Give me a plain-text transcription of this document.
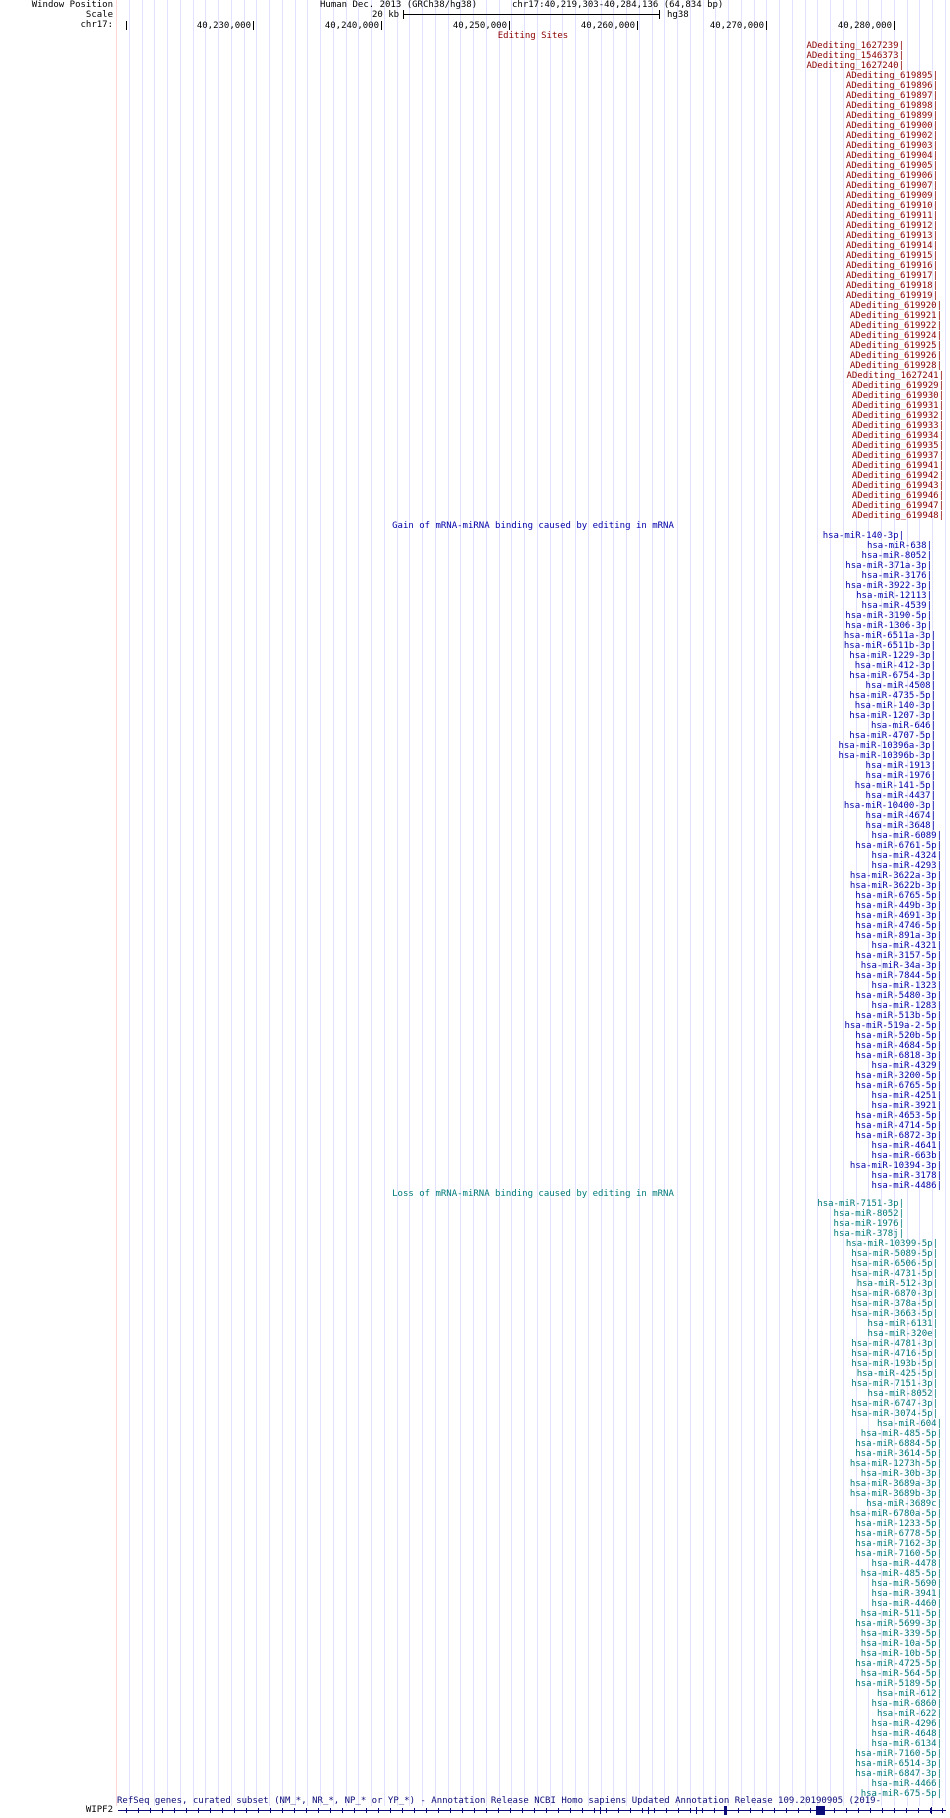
Window Position
Scale
chr17:
WIPF2
Human Dec. 2013 (GRCh38/hg38)	chr17:40,219,303-40,284,136 (64,834 bp)
20 kb	hg38
40,230,000	40,240,000	40,250,000	40,260,000	40,270,000	40,280,000
Editing Sites
ADediting_1627239|
ADediting_1546373|
ADediting_1627240|
ADediting_619895|
ADediting_619896|
ADediting_619897|
ADediting_619898|
ADediting_619899|
ADediting_619900|
ADediting_619902|
ADediting_619903|
ADediting_619904|
ADediting_619905|
ADediting_619906|
ADediting_619907|
ADediting_619909|
ADediting_619910|
ADediting_619911|
ADediting_619912|
ADediting_619913|
ADediting_619914|
ADediting_619915|
ADediting_619916|
ADediting_619917|
ADediting_619918|
ADediting_619919|
ADediting_619920|
ADediting_619921|
ADediting_619922|
ADediting_619924|
ADediting_619925|
ADediting_619926|
ADediting_619928|
ADediting_1627241|
ADediting_619929|
ADediting_619930|
ADediting_619931|
ADediting_619932|
ADediting_619933|
ADediting_619934|
ADediting_619935|
ADediting_619937|
ADediting_619941|
ADediting_619942|
ADediting_619943|
ADediting_619946|
ADediting_619947|
ADediting_619948|
Gain of mRNA-miRNA binding caused by editing in mRNA
hsa-miR-140-3p|
hsa-miR-638|
hsa-miR-8052|
hsa-miR-371a-3p|
hsa-miR-3176|
hsa-miR-3922-3p|
hsa-miR-12113|
hsa-miR-4539|
hsa-miR-3190-5p|
hsa-miR-1306-3p|
hsa-miR-6511a-3p|
hsa-miR-6511b-3p|
hsa-miR-1229-3p|
hsa-miR-412-3p|
hsa-miR-6754-3p|
hsa-miR-4508|
hsa-miR-4735-5p|
hsa-miR-140-3p|
hsa-miR-1207-3p|
hsa-miR-646|
hsa-miR-4707-5p|
hsa-miR-10396a-3p|
hsa-miR-10396b-3p|
hsa-miR-1913|
hsa-miR-1976|
hsa-miR-141-5p|
hsa-miR-4437|
hsa-miR-10400-3p|
hsa-miR-4674|
hsa-miR-3648|
hsa-miR-6089|
hsa-miR-6761-5p|
hsa-miR-4324|
hsa-miR-4293|
hsa-miR-3622a-3p|
hsa-miR-3622b-3p|
hsa-miR-6765-5p|
hsa-miR-449b-3p|
hsa-miR-4691-3p|
hsa-miR-4746-5p|
hsa-miR-891a-3p|
hsa-miR-4321|
hsa-miR-3157-5p|
hsa-miR-34a-3p|
hsa-miR-7844-5p|
hsa-miR-1323|
hsa-miR-5480-3p|
hsa-miR-1283|
hsa-miR-513b-5p|
hsa-miR-519a-2-5p|
hsa-miR-520b-5p|
hsa-miR-4684-5p|
hsa-miR-6818-3p|
hsa-miR-4329|
hsa-miR-3200-5p|
hsa-miR-6765-5p|
hsa-miR-4251|
hsa-miR-3921|
hsa-miR-4653-5p|
hsa-miR-4714-5p|
hsa-miR-6872-3p|
hsa-miR-4641|
hsa-miR-663b|
hsa-miR-10394-3p|
hsa-miR-3178|
hsa-miR-4486|
Loss of mRNA-miRNA binding caused by editing in mRNA
hsa-miR-7151-3p|
hsa-miR-8052|
hsa-miR-1976|
hsa-miR-378j|
hsa-miR-10399-5p|
hsa-miR-5089-5p|
hsa-miR-6506-5p|
hsa-miR-4731-5p|
hsa-miR-512-3p|
hsa-miR-6870-3p|
hsa-miR-378a-5p|
hsa-miR-3663-5p|
hsa-miR-6131|
hsa-miR-320e|
hsa-miR-4781-3p|
hsa-miR-4716-5p|
hsa-miR-193b-5p|
hsa-miR-425-5p|
hsa-miR-7151-3p|
hsa-miR-8052|
hsa-miR-6747-3p|
hsa-miR-3074-5p|
hsa-miR-604|
hsa-miR-485-5p|
hsa-miR-6884-5p|
hsa-miR-3614-5p|
hsa-miR-1273h-5p|
hsa-miR-30b-3p|
hsa-miR-3689a-3p|
hsa-miR-3689b-3p|
hsa-miR-3689c|
hsa-miR-6780a-5p|
hsa-miR-1233-5p|
hsa-miR-6778-5p|
hsa-miR-7162-3p|
hsa-miR-7160-5p|
hsa-miR-4478|
hsa-miR-485-5p|
hsa-miR-5690|
hsa-miR-3941|
hsa-miR-4460|
hsa-miR-511-5p|
hsa-miR-5699-3p|
hsa-miR-339-5p|
hsa-miR-10a-5p|
hsa-miR-10b-5p|
hsa-miR-4725-5p|
hsa-miR-564-5p|
hsa-miR-5189-5p|
hsa-miR-612|
hsa-miR-6860|
hsa-miR-622|
hsa-miR-4296|
hsa-miR-4648|
hsa-miR-6134|
hsa-miR-7160-5p|
hsa-miR-6514-3p|
hsa-miR-6847-3p|
hsa-miR-4466|
hsa-miR-675-5p|
RefSeq genes, curated subset (NM_*, NR_*, NP_* or YP_*) - Annotation Release NCBI Homo sapiens Updated Annotation Release 109.20190905 (2019-
